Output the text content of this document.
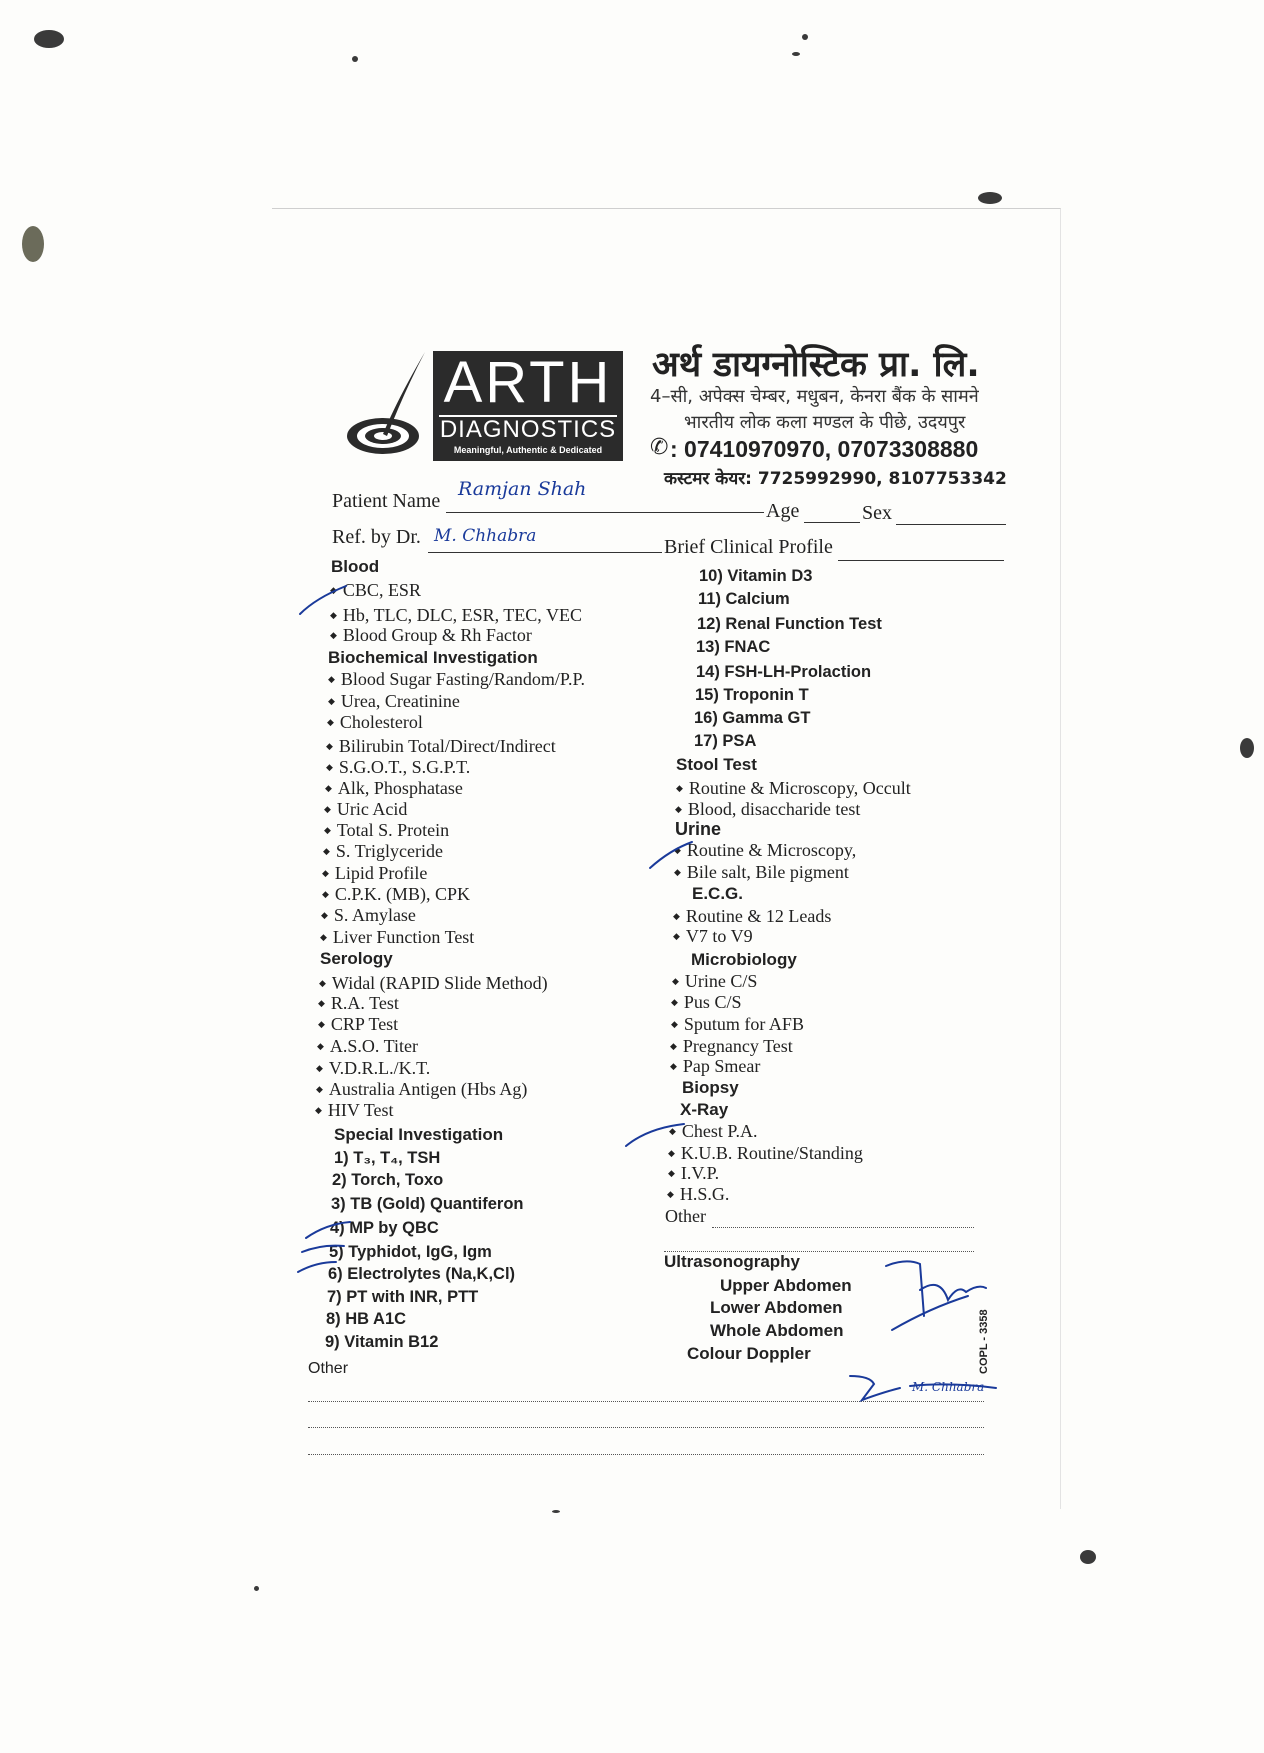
ARTH
DIAGNOSTICS
Meaningful, Authentic & Dedicated
अर्थ डायग्नोस्टिक प्रा. लि.
4–सी, अपेक्स चेम्बर, मधुबन, केनरा बैंक के सामने
भारतीय लोक कला मण्डल के पीछे, उदयपुर
✆ : 07410970970, 07073308880
कस्टमर केयर: 7725992990, 8107753342
Patient Name
Ramjan Shah
Age	Sex
Ref. by Dr. M. Chhabra	Brief Clinical Profile
Blood
◆ CBC, ESR
◆ Hb, TLC, DLC, ESR, TEC, VEC
◆ Blood Group & Rh Factor
Biochemical Investigation
◆ Blood Sugar Fasting/Random/P.P.
◆ Urea, Creatinine
◆ Cholesterol
◆ Bilirubin Total/Direct/Indirect
◆ S.G.O.T., S.G.P.T.
◆ Alk, Phosphatase
◆ Uric Acid
◆ Total S. Protein
◆ S. Triglyceride
◆ Lipid Profile
◆ C.P.K. (MB), CPK
◆ S. Amylase
◆ Liver Function Test
Serology
◆ Widal (RAPID Slide Method)
◆ R.A. Test
◆ CRP Test
◆ A.S.O. Titer
◆ V.D.R.L./K.T.
◆ Australia Antigen (Hbs Ag)
◆ HIV Test
Special Investigation
1) T₃, T₄, TSH
2) Torch, Toxo
3) TB (Gold) Quantiferon
4) MP by QBC
5) Typhidot, IgG, Igm
6) Electrolytes (Na,K,Cl)
7) PT with INR, PTT
8) HB A1C
9) Vitamin B12
Other
10) Vitamin D3
11) Calcium
12) Renal Function Test
13) FNAC
14) FSH-LH-Prolaction
15) Troponin T
16) Gamma GT
17) PSA
Stool Test
◆ Routine & Microscopy, Occult
◆ Blood, disaccharide test
Urine
◆ Routine & Microscopy,
◆ Bile salt, Bile pigment
E.C.G.
◆ Routine & 12 Leads
◆ V7 to V9
Microbiology
◆ Urine C/S
◆ Pus C/S
◆ Sputum for AFB
◆ Pregnancy Test
◆ Pap Smear
Biopsy
X-Ray
◆ Chest P.A.
◆ K.U.B. Routine/Standing
◆ I.V.P.
◆ H.S.G.
Other
Ultrasonography
Upper Abdomen
Lower Abdomen
Whole Abdomen
Colour Doppler	COPL - 3358
M. Chhabra
